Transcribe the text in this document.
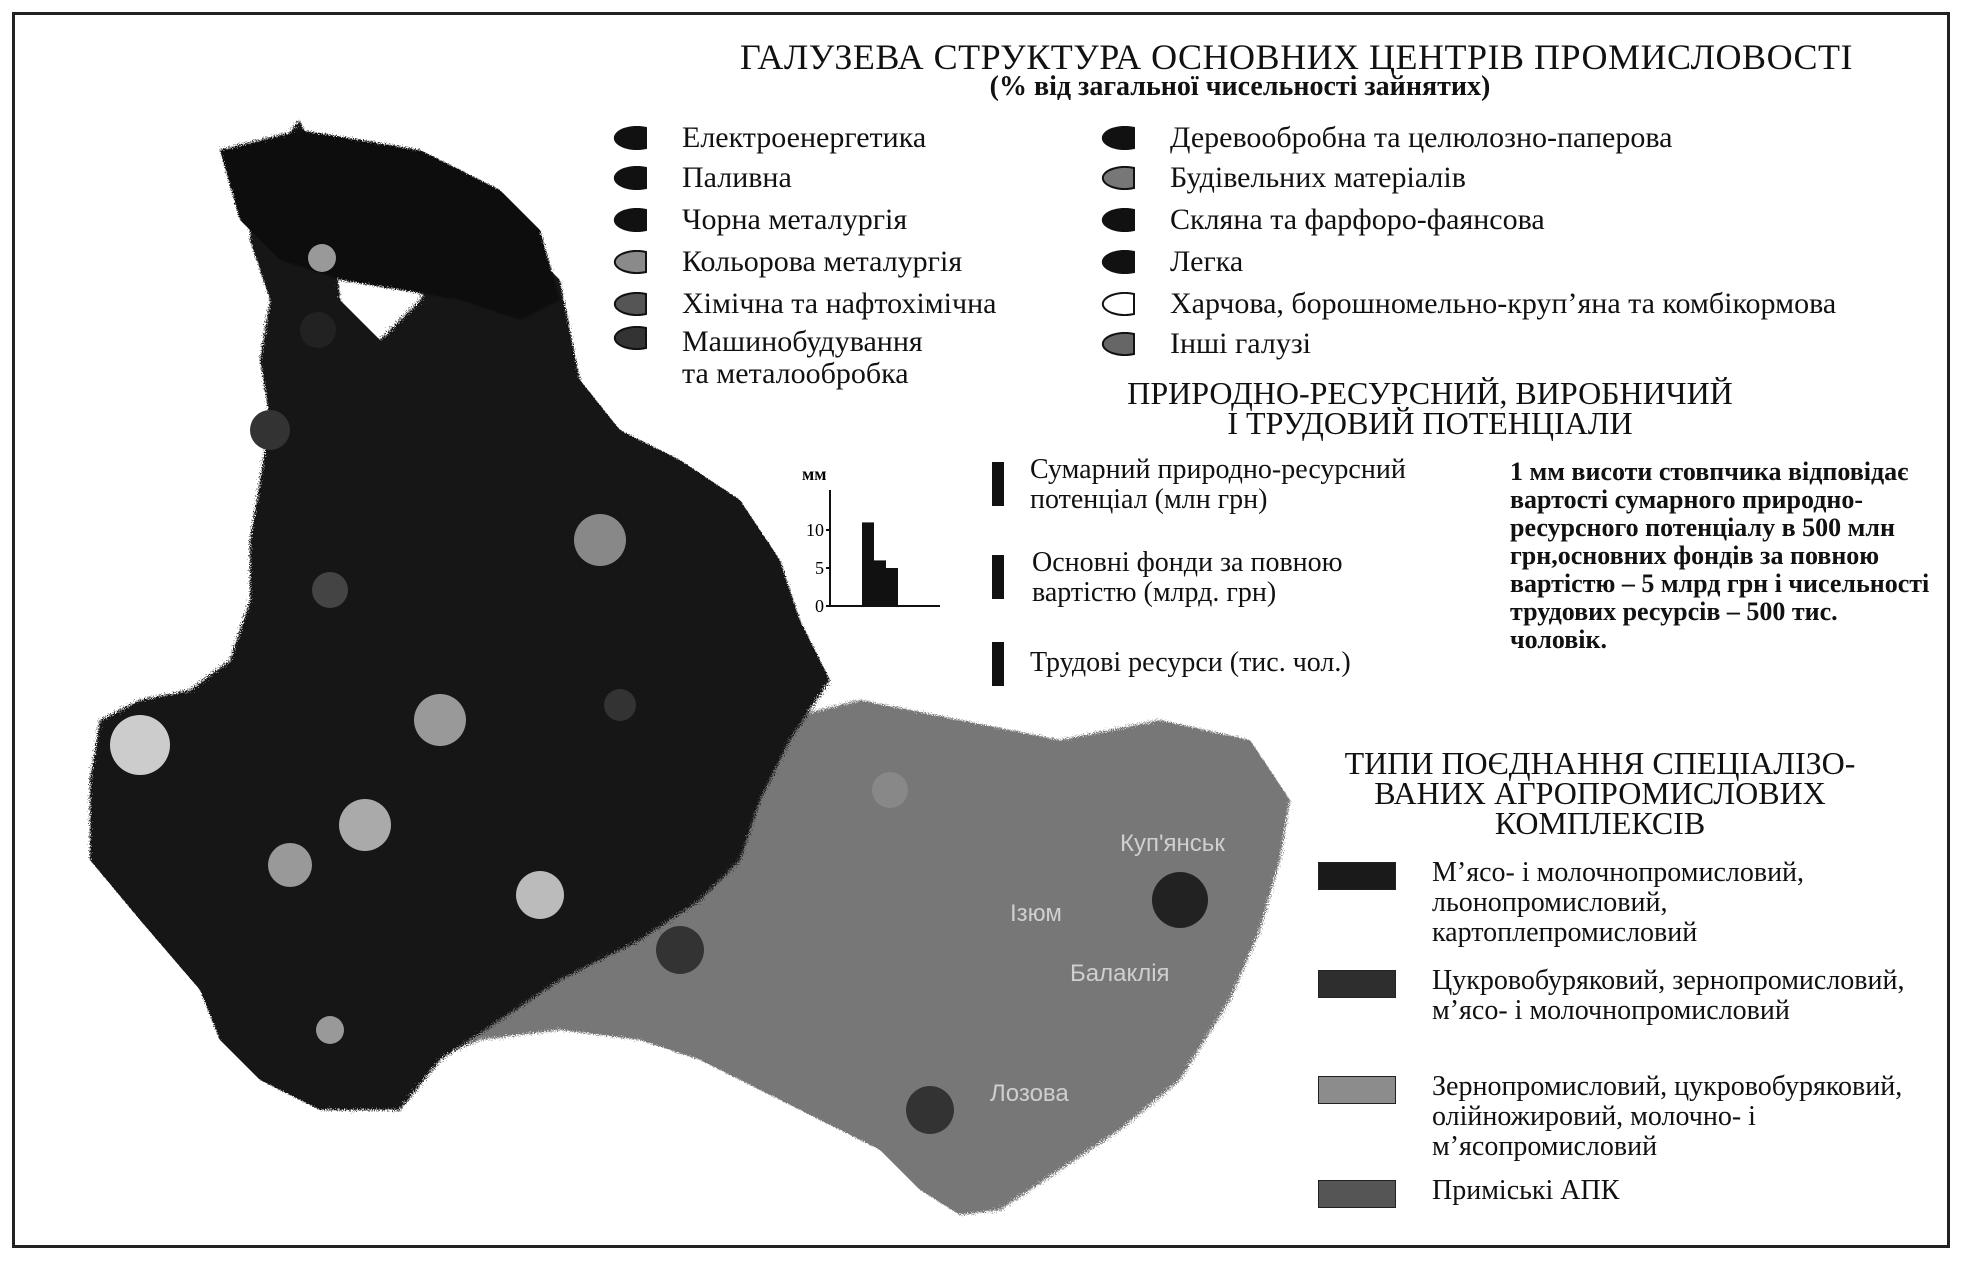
Куп'янськ
Ізюм
Балаклія
Лозова
ГАЛУЗЕВА СТРУКТУРА ОСНОВНИХ ЦЕНТРІВ ПРОМИСЛОВОСТІ
(% від загальної чисельності зайнятих)
Електроенергетика
Паливна
Чорна металургія
Кольорова металургія
Хімічна та нафтохімічна
Машинобудування
та металообробка
Деревообробна та целюлозно-паперова
Будівельних матеріалів
Скляна та фарфоро-фаянсова
Легка
Харчова, борошномельно-круп’яна та комбікормова
Інші галузі
ПРИРОДНО-РЕСУРСНИЙ, ВИРОБНИЧИЙ
І ТРУДОВИЙ ПОТЕНЦІАЛИ
мм
10
5
0
Сумарний природно-ресурсний
потенціал (млн грн)
Основні фонди за повною
вартістю (млрд. грн)
Трудові ресурси (тис. чол.)
1 мм висоти стовпчика відповідає вартості сумарного природно-ресурсного потенціалу в 500 млн грн,основних фондів за повною вартістю – 5 млрд грн і чисельності трудових ресурсів – 500 тис. чоловік.
ТИПИ ПОЄДНАННЯ СПЕЦІАЛІЗО-
ВАНИХ АГРОПРОМИСЛОВИХ
КОМПЛЕКСІВ
М’ясо- і молочнопромисловий, льонопромисловий, картоплепромисловий
Цукровобуряковий, зернопромисловий, м’ясо- і молочнопромисловий
Зернопромисловий, цукровобуряковий, олійножировий, молочно- і м’ясопромисловий
Приміські АПК
